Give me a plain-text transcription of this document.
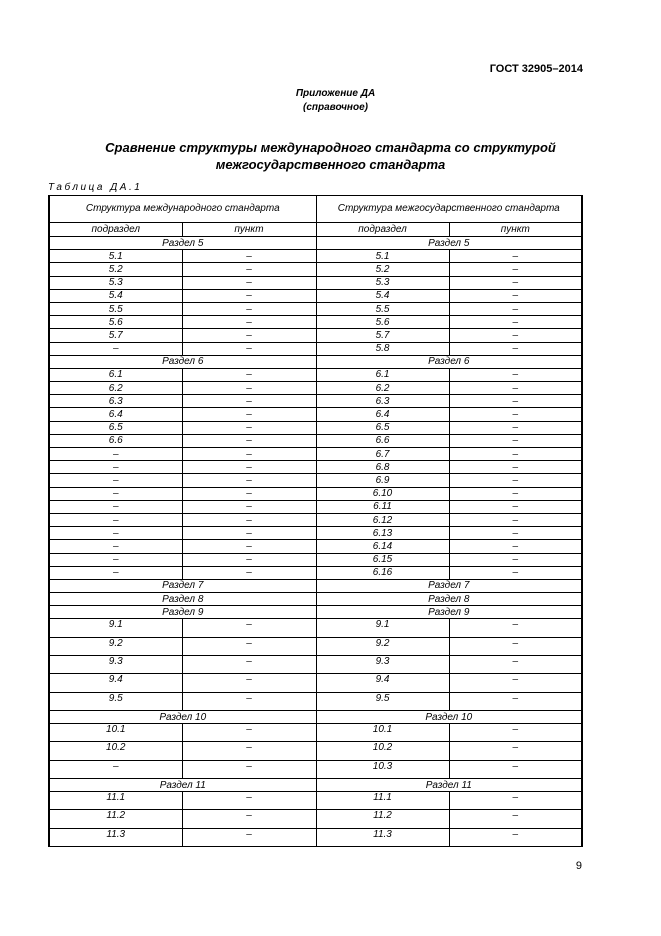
ГОСТ 32905–2014
Приложение ДА
(справочное)
Сравнение структуры международного стандарта со структурой
межгосударственного стандарта
Таблица ДА.1
Структура международного стандарта		Структура межгосударственного стандарта	
подраздел	пункт	подраздел	пункт
Раздел 5		Раздел 5	
5.1	–	5.1	–
5.2	–	5.2	–
5.3	–	5.3	–
5.4	–	5.4	–
5.5	–	5.5	–
5.6	–	5.6	–
5.7	–	5.7	–
–	–	5.8	–
Раздел 6		Раздел 6	
6.1	–	6.1	–
6.2	–	6.2	–
6.3	–	6.3	–
6.4	–	6.4	–
6.5	–	6.5	–
6.6	–	6.6	–
–	–	6.7	–
–	–	6.8	–
–	–	6.9	–
–	–	6.10	–
–	–	6.11	–
–	–	6.12	–
–	–	6.13	–
–	–	6.14	–
–	–	6.15	–
–	–	6.16	–
Раздел 7		Раздел 7	
Раздел 8		Раздел 8	
Раздел 9		Раздел 9	
9.1	–	9.1	–
9.2	–	9.2	–
9.3	–	9.3	–
9.4	–	9.4	–
9.5	–	9.5	–
Раздел 10		Раздел 10	
10.1	–	10.1	–
10.2	–	10.2	–
–	–	10.3	–
Раздел 11		Раздел 11	
11.1	–	11.1	–
11.2	–	11.2	–
11.3	–	11.3	–
9
